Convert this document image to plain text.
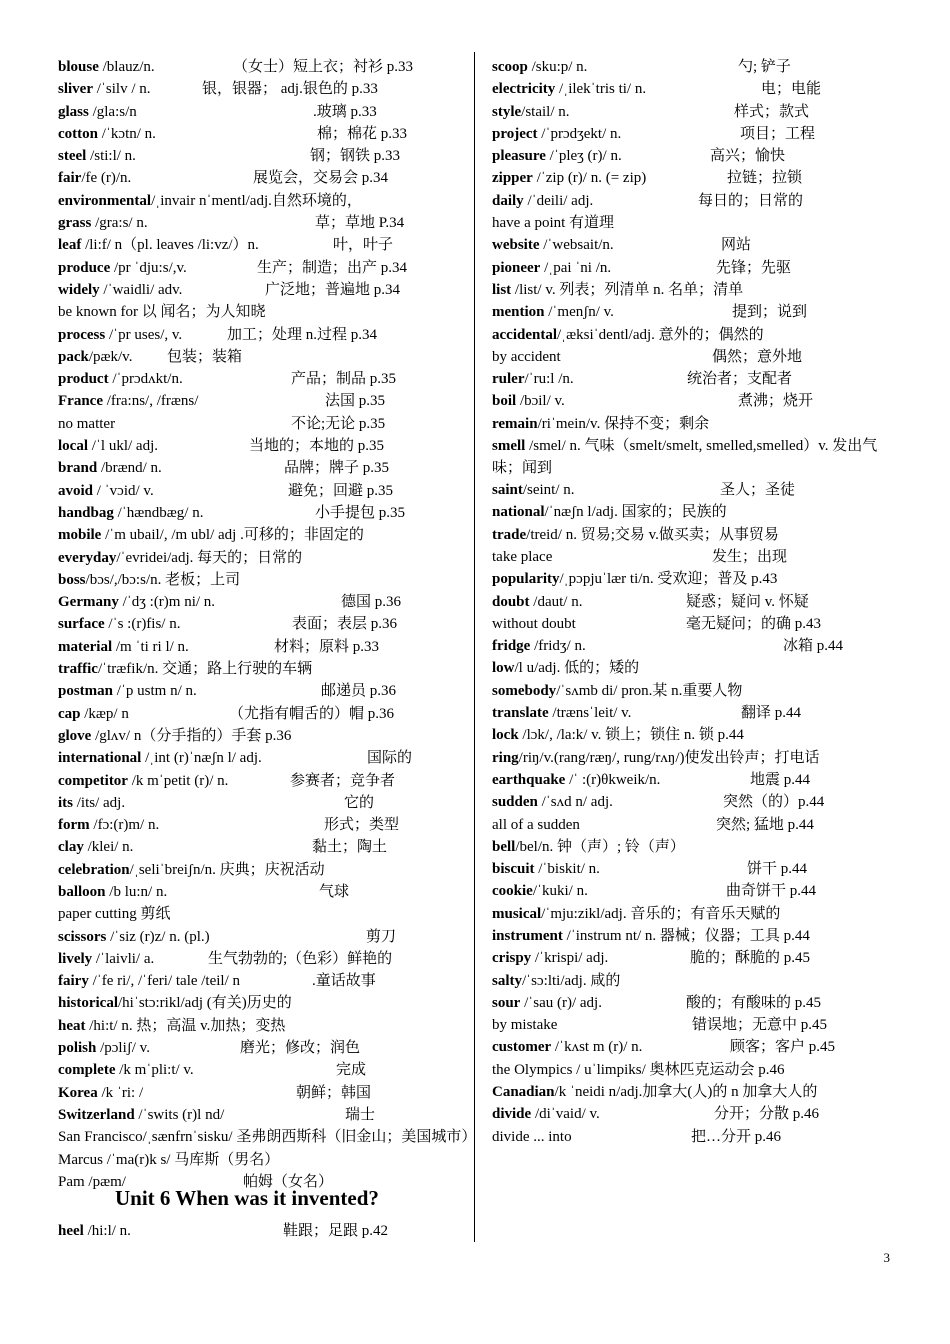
blouse /blauz/n.	（女士）短上衣；衬衫 p.33
sliver /ˈsilv / n.	银，银器； adj.银色的 p.33
glass /gla:s/n	.玻璃 p.33
cotton /ˈkɔtn/ n.	棉；棉花 p.33
steel /sti:l/ n.	钢；钢铁 p.33
fair/fe (r)/n.	展览会，交易会 p.34
environmental/ˌinvair nˈmentl/adj.自然环境的，
grass /gra:s/ n.	草；草地 P.34
leaf /li:f/ n（pl. leaves /li:vz/）n.	叶，叶子
produce /pr ˈdju:s/,v.	生产；制造；出产 p.34
widely /ˈwaidli/ adv.	广泛地；普遍地 p.34
be known for 以 闻名；为人知晓
process /ˈpr uses/, v.	加工；处理 n.过程 p.34
pack/pæk/v. 包装；装箱
product /ˈprɔdʌkt/n.	产品；制品 p.35
France /fra:ns/, /fræns/	法国 p.35
no matter	不论;无论 p.35
local /ˈl ukl/ adj.	当地的；本地的 p.35
brand /brænd/ n.	品牌；牌子 p.35
avoid / ˈvɔid/ v.	避免；回避 p.35
handbag /ˈhændbæg/ n.	小手提包 p.35
mobile /ˈm ubail/, /m ubl/ adj .可移的；非固定的
everyday/ˈevridei/adj. 每天的；日常的
boss/bɔs/,/bɔ:s/n. 老板；上司
Germany /ˈdʒ :(r)m ni/ n.	德国 p.36
surface /ˈs :(r)fis/ n.	表面；表层 p.36
material /m ˈti ri l/ n.	材料；原料 p.33
traffic/ˈtræfik/n. 交通；路上行驶的车辆
postman /ˈp ustm n/ n.	邮递员 p.36
cap /kæp/ n	（尤指有帽舌的）帽 p.36
glove /glʌv/ n（分手指的）手套 p.36
international /ˌint (r)ˈnæʃn l/ adj.	国际的
competitor /k mˈpetit (r)/ n.	参赛者；竞争者
its /its/ adj.	它的
form /fɔ:(r)m/ n.	形式；类型
clay /klei/ n.	黏土；陶土
celebration/ˌseliˈbreiʃn/n. 庆典；庆祝活动
balloon /b lu:n/ n.	气球
paper cutting 剪纸
scissors /ˈsiz (r)z/ n. (pl.)	剪刀
lively /ˈlaivli/ a.	生气勃勃的;（色彩）鲜艳的
fairy /ˈfe ri/, /ˈferi/ tale /teil/ n	.童话故事
historical/hiˈstɔ:rikl/adj (有关)历史的
heat /hi:t/ n. 热；高温 v.加热；变热
polish /pɔliʃ/ v.	磨光；修改；润色
complete /k mˈpli:t/ v.	完成
Korea /k ˈri: /	朝鲜；韩国
Switzerland /ˈswits (r)l nd/	瑞士
San Francisco/ˌsænfrnˈsisku/ 圣弗朗西斯科（旧金山；美国城市）
Marcus /ˈma(r)k s/ 马库斯（男名）
Pam /pæm/	帕姆（女名）
Unit 6 When was it invented?
heel /hi:l/ n.	鞋跟；足跟 p.42
scoop /sku:p/ n.	勺; 铲子
electricity /ˌilekˈtris ti/ n.	电；电能
style/stail/ n.	样式；款式
project /ˈprɔdʒekt/ n.	项目；工程
pleasure /ˈpleʒ (r)/ n.	高兴；愉快
zipper /ˈzip (r)/ n. (= zip)	拉链；拉锁
daily /ˈdeili/ adj.	每日的；日常的
have a point 有道理
website /ˈwebsait/n.	网站
pioneer /ˌpai ˈni /n.	先锋；先驱
list /list/ v. 列表；列清单 n. 名单；清单
mention /ˈmenʃn/ v.	提到；说到
accidental/ˌæksiˈdentl/adj. 意外的；偶然的
by accident	偶然；意外地
ruler/ˈru:l /n.	统治者；支配者
boil /bɔil/ v.	煮沸；烧开
remain/riˈmein/v. 保持不变；剩余
smell /smel/ n. 气味（smelt/smelt, smelled,smelled）v. 发出气味；闻到
saint/seint/ n.	圣人；圣徒
national/ˈnæʃn l/adj. 国家的；民族的
trade/treid/ n. 贸易;交易 v.做买卖；从事贸易
take place	发生；出现
popularity/ˌpɔpjuˈlær ti/n. 受欢迎；普及 p.43
doubt /daut/ n.	疑惑；疑问 v. 怀疑
without doubt	毫无疑问；的确 p.43
fridge /fridʒ/ n.	冰箱 p.44
low/l u/adj. 低的；矮的
somebody/ˈsʌmb di/ pron.某 n.重要人物
translate /trænsˈleit/ v.	翻译 p.44
lock /lɔk/, /la:k/ v. 锁上；锁住 n. 锁 p.44
ring/riŋ/v.(rang/ræŋ/, rung/rʌŋ/)使发出铃声；打电话
earthquake /ˈ :(r)θkweik/n.	地震 p.44
sudden /ˈsʌd n/ adj.	突然（的）p.44
all of a sudden	突然; 猛地 p.44
bell/bel/n. 钟（声）; 铃（声）
biscuit /ˈbiskit/ n.	饼干 p.44
cookie/ˈkuki/ n.	曲奇饼干 p.44
musical/ˈmju:zikl/adj. 音乐的；有音乐天赋的
instrument /ˈinstrum nt/ n. 器械；仪器；工具 p.44
crispy /ˈkrispi/ adj.	脆的；酥脆的 p.45
salty/ˈsɔ:lti/adj. 咸的
sour /ˈsau (r)/ adj.	酸的；有酸味的 p.45
by mistake	错误地；无意中 p.45
customer /ˈkʌst m (r)/ n.	顾客；客户 p.45
the Olympics / uˈlimpiks/ 奥林匹克运动会 p.46
Canadian/k ˈneidi n/adj.加拿大(人)的 n 加拿大人的
divide /diˈvaid/ v.	分开；分散 p.46
divide ... into	把…分开 p.46
3
